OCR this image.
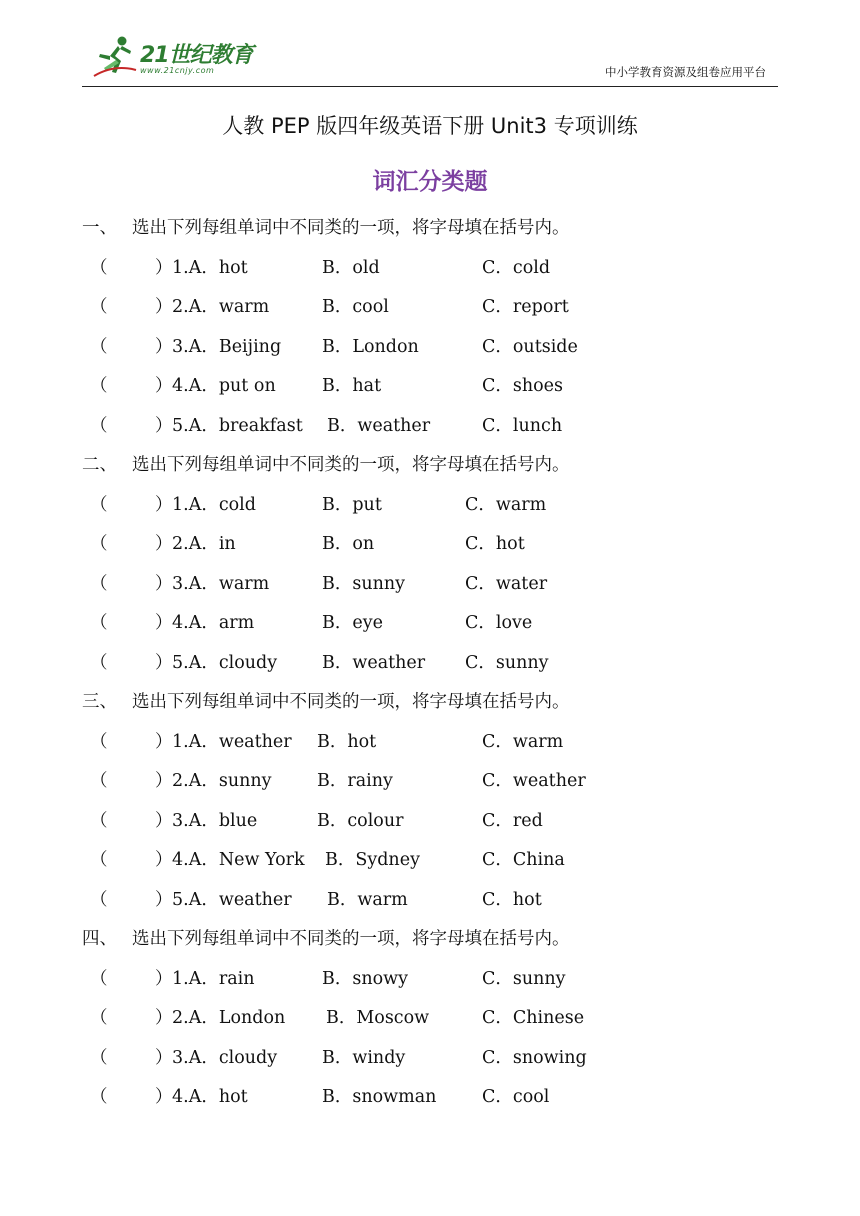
21世纪教育
www.21cnjy.com	中小学教育资源及组卷应用平台
人教 PEP 版四年级英语下册 Unit3 专项训练
词汇分类题
一、 选出下列每组单词中不同类的一项，将字母填在括号内。
（	） 1.A．hot	B．old	C．cold
（	） 2.A．warm	B．cool	C．report
（	） 3.A．Beijing B．London	C．outside
（	） 4.A．put on	B．hat	C．shoes
（	） 5.A．breakfast B．weather	C．lunch
二、 选出下列每组单词中不同类的一项，将字母填在括号内。
（	） 1.A．cold	B．put	C．warm
（	） 2.A．in	B．on	C．hot
（	） 3.A．warm	B．sunny	C．water
（	） 4.A．arm	B．eye	C．love
（	） 5.A．cloudy	B．weather C．sunny
三、 选出下列每组单词中不同类的一项，将字母填在括号内。
（	） 1.A．weather B．hot	C．warm
（	） 2.A．sunny	B．rainy	C．weather
（	） 3.A．blue	B．colour	C．red
（	） 4.A．New York B．Sydney	C．China
（	） 5.A．weather B．warm	C．hot
四、 选出下列每组单词中不同类的一项，将字母填在括号内。
（	） 1.A．rain	B．snowy	C．sunny
（	） 2.A．London B．Moscow	C．Chinese
（	） 3.A．cloudy	B．windy	C．snowing
（	） 4.A．hot	B．snowman	C．cool
